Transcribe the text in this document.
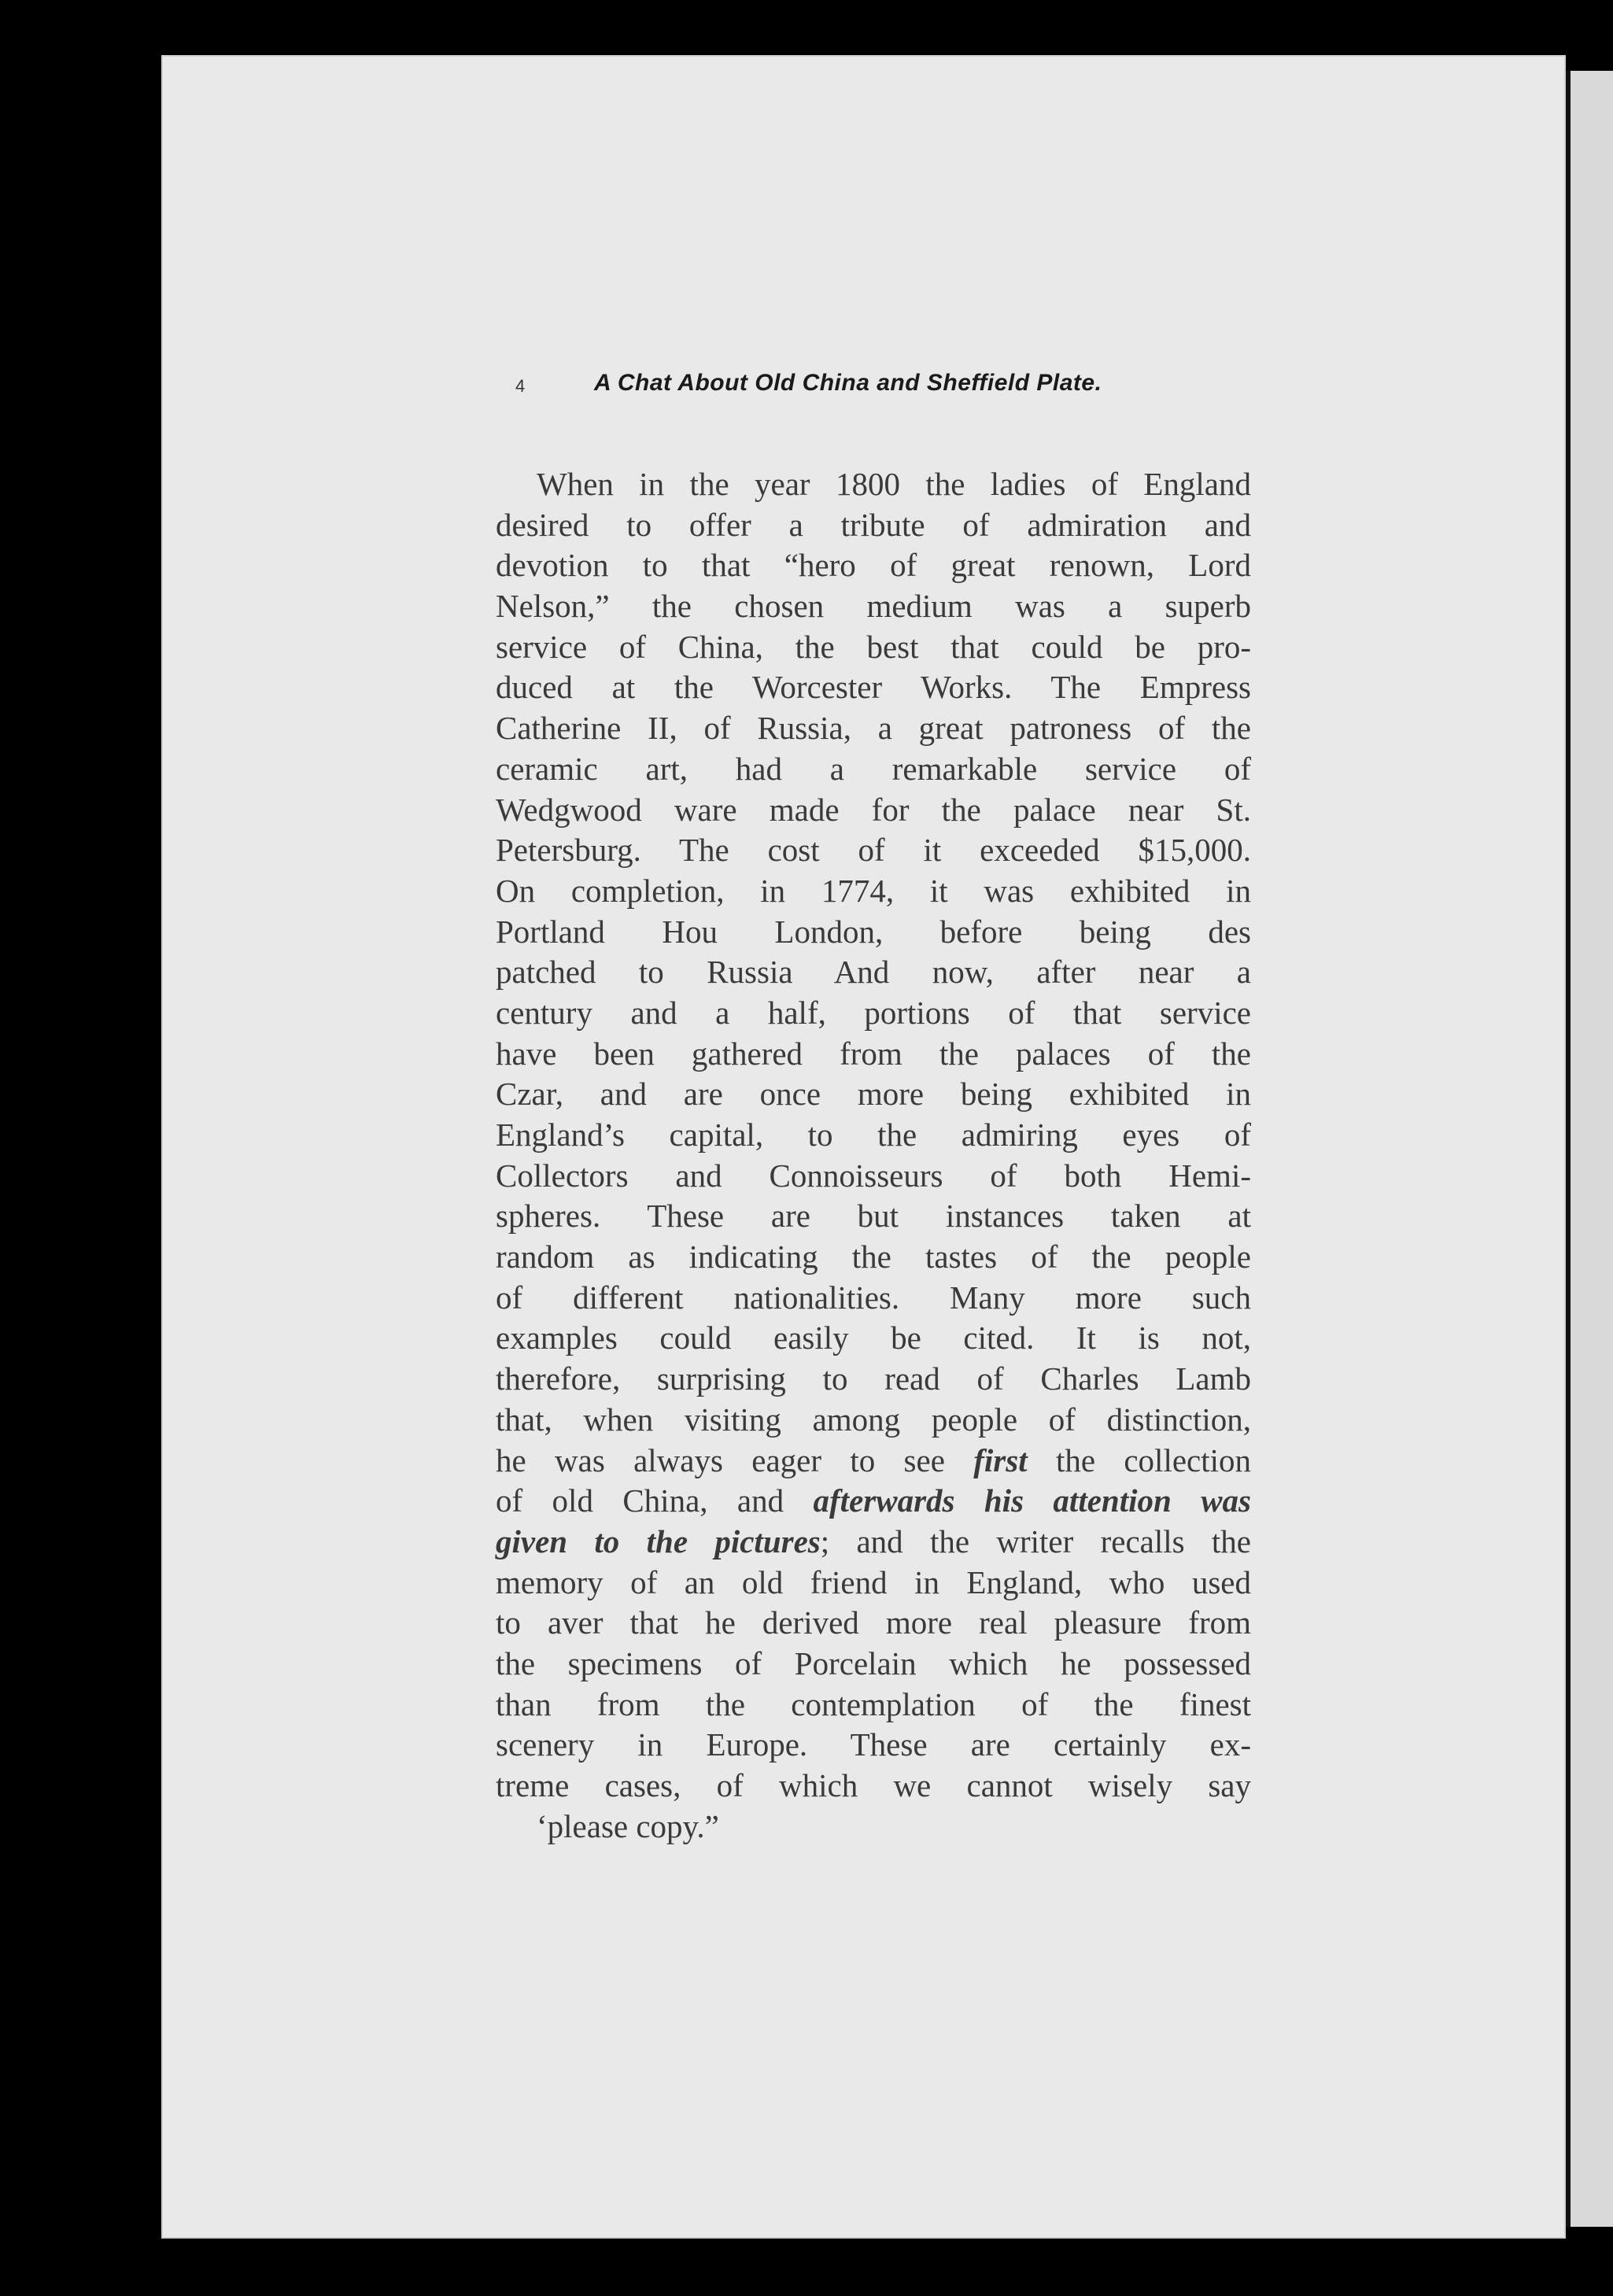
4	A Chat About Old China and Sheffield Plate.
When in the year 1800 the ladies of England
desired to offer a tribute of admiration and
devotion to that “hero of great renown, Lord
Nelson,” the chosen medium was a superb
service of China, the best that could be pro-
duced at the Worcester Works. The Empress
Catherine II, of Russia, a great patroness of the
ceramic art, had a remarkable service of
Wedgwood ware made for the palace near St.
Petersburg. The cost of it exceeded $15,000.
On completion, in 1774, it was exhibited in
Portland Hou London, before being des
patched to Russia And now, after near a
century and a half, portions of that service
have been gathered from the palaces of the
Czar, and are once more being exhibited in
England’s capital, to the admiring eyes of
Collectors and Connoisseurs of both Hemi-
spheres. These are but instances taken at
random as indicating the tastes of the people
of different nationalities. Many more such
examples could easily be cited. It is not,
therefore, surprising to read of Charles Lamb
that, when visiting among people of distinction,
he was always eager to see first the collection
of old China, and afterwards his attention was
given to the pictures; and the writer recalls the
memory of an old friend in England, who used
to aver that he derived more real pleasure from
the specimens of Porcelain which he possessed
than from the contemplation of the finest
scenery in Europe. These are certainly ex-
treme cases, of which we cannot wisely say
‘please copy.”
